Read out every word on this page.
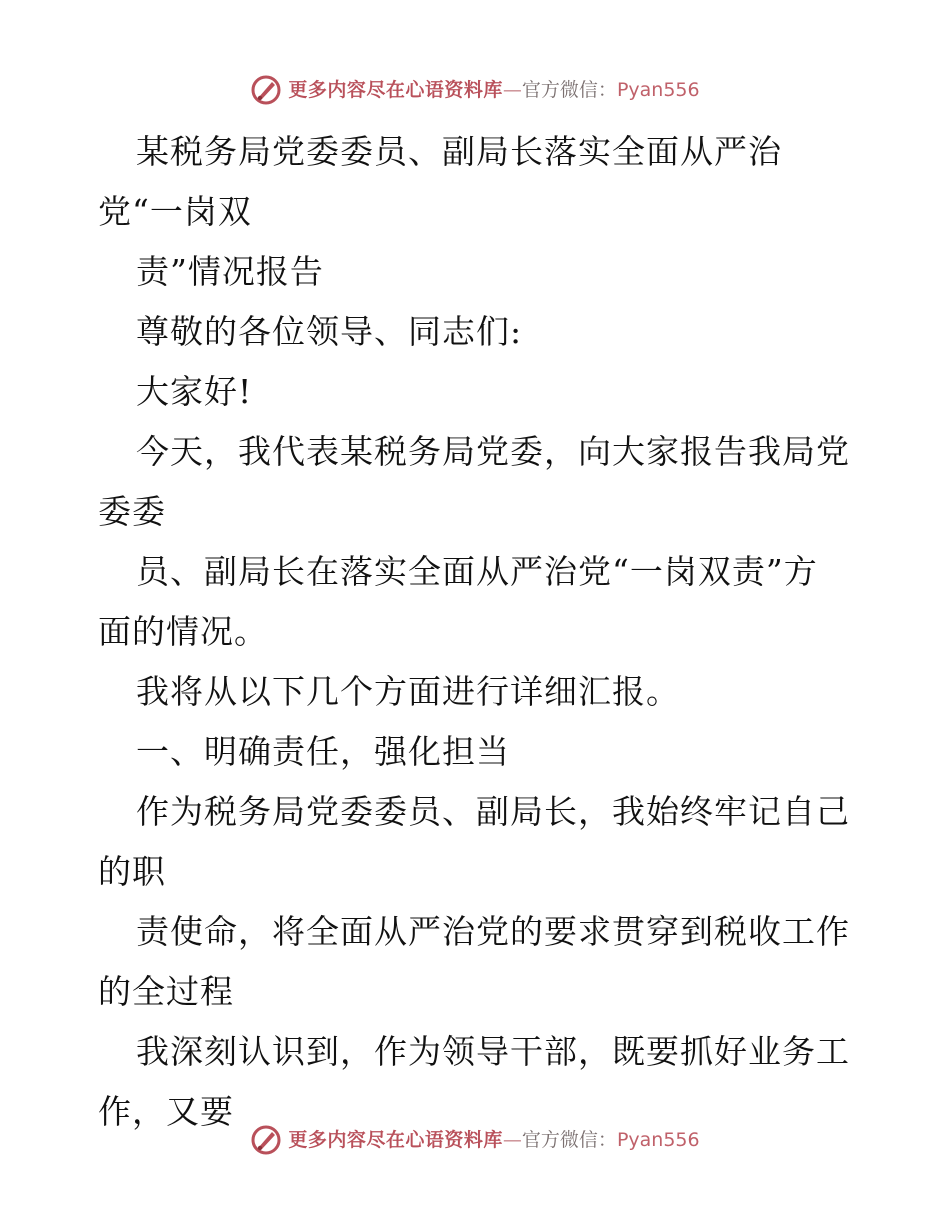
更多内容尽在心语资料库—官方微信：Pyan556
某税务局党委委员、副局长落实全面从严治
党“一岗双
责”情况报告
尊敬的各位领导、同志们:
大家好!
今天，我代表某税务局党委，向大家报告我局党
委委
员、副局长在落实全面从严治党“一岗双责”方
面的情况。
我将从以下几个方面进行详细汇报。
一、明确责任，强化担当
作为税务局党委委员、副局长，我始终牢记自己
的职
责使命，将全面从严治党的要求贯穿到税收工作
的全过程
我深刻认识到，作为领导干部，既要抓好业务工
作，又要
更多内容尽在心语资料库—官方微信：Pyan556
